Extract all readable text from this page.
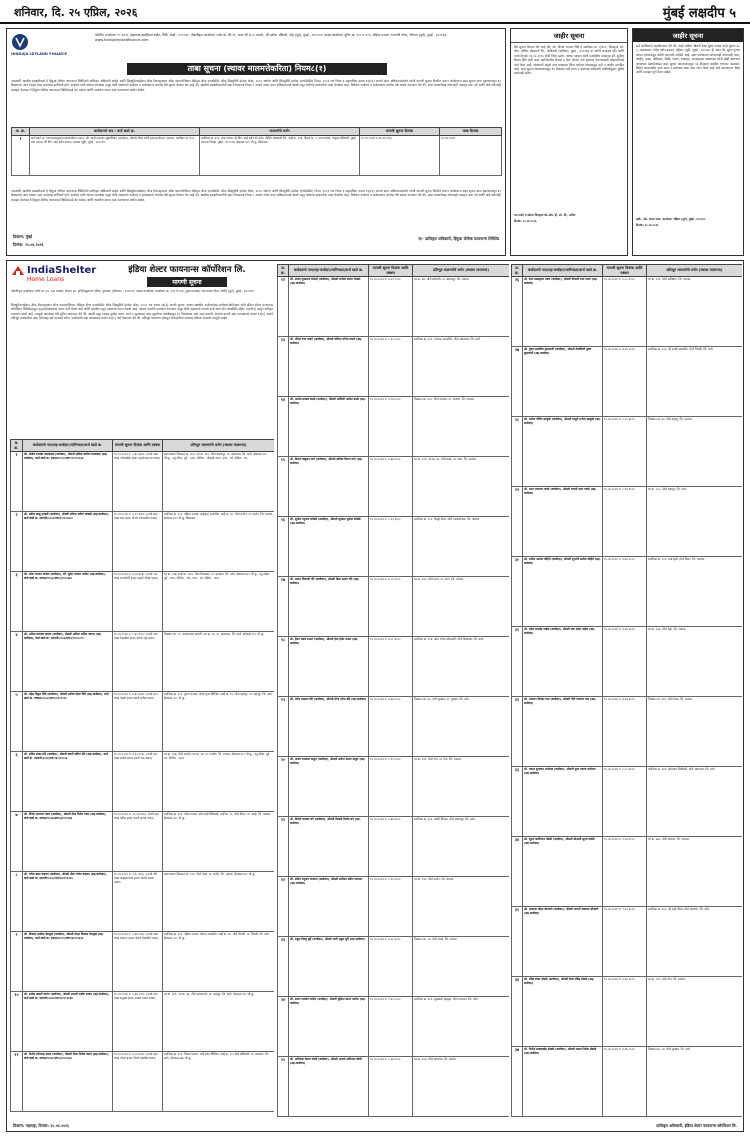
शनिवार, दि. २५ एप्रिल, २०२६	मुंबई लक्षदीप ५
HINDUJA LEYLAND FINANCE
कॉर्पोरेट कार्यालय: नं. २७-ए, डेव्हलपड इंडस्ट्रियल इस्टेट, गिंडी, चेन्नई - ६०००३२. नोंदणीकृत कार्यालय: प्लॉट क्र. सी-२१, टावर सी (१-२ मजले), जी ब्लॉक, बीकेसी, वांद्रे (पूर्व), मुंबई - ४०००५१. शाखा कार्यालय: युनिट क्र. १०५ व १०६, पहिला मजला, रत्नमणी टॉवर, गोरेगाव (पूर्व), मुंबई - ४०००६३. www.hindujaleylandfinance.com
ताबा सूचना (स्थावर मालमत्तेकरिता) नियम८(१)
ज्याअर्थी, खालील स्वाक्षरीकर्ता हे हिंदुजा लेलॅण्ड फायनान्स लिमिटेडचे प्राधिकृत अधिकारी आहेत आणि सिक्युरिटायझेशन ॲण्ड रिकन्स्ट्रक्शन ऑफ फायनान्शियल ॲसेट्स ॲण्ड एनफोर्समेंट ऑफ सिक्युरिटी इंटरेस्ट ॲक्ट, २००२ अंतर्गत आणि सिक्युरिटी इंटरेस्ट (एन्फोर्समेंट) नियम, २००२ च्या नियम ३ सहवाचिता कलम १३(१२) अन्वये प्राप्त अधिकाराअंतर्गत त्यांनी मागणी सूचना वितरीत करून कर्जदारांना सदर सूचना प्राप्त झाल्यापासून ६० दिवसांच्या आत रक्कम जमा करण्यास सांगितले होते. कर्जदार यांनी रक्कम भरण्यास कसूर केली असल्याने कर्जदार व सर्वसामान्य जनतेस येथे सूचना देण्यात येत आहे की, खालील स्वाक्षरीकर्त्यांनी सदर नियमाच्या नियम ८ अन्वये त्यांना प्राप्त अधिकारान्वये खाली नमूद केलेल्या मालमत्तेचा ताबा घेतलेला आहे. विशेषतः कर्जदार व सर्वसामान्य जनतेस येथे सावध करण्यात येते की, सदर मालमत्तेसह कोणताही व्यवहार करू नये आणि असे कोणतेही व्यवहार केल्यास ते हिंदुजा लेलॅण्ड फायनान्स लिमिटेडकडे देय रक्कम आणि त्यावरील व्याज जमा करण्याच्या अधीन असेल.
अ. क्र.	कर्जदाराचे नाव / कर्ज खाते क्र.	मालमत्तेचे वर्णन	मागणी सूचना दिनांक	ताबा दिनांक
१	कर्ज खाते क्र. एमएच/एमयुएम/एचएलएपी/०००४२६, श्री. शांती नारायण सुब्रमणियन (कर्जदार), श्रीमती शीला शांती (सह-कर्जदार), राहणार: सदनिका क्र. ४०२, ४था मजला, बी विंग, साई दर्शन इमारत, मालाड (पूर्व), मुंबई - ४०००९७.	सदनिका क्र. ४०२, ४था मजला, बी विंग, साई दर्शन को-ऑप. हौसिंग सोसायटी लि., सर्व्हे क्र. २१४, हिस्सा क्र. २, गाव मालाड, तालुका बोरिवली, मुंबई उपनगर जिल्हा, मुंबई - ४०००९७, क्षेत्रफळ ४८० चौ.फू. बिल्टअप.	१५.०१.२०२६ रु.२१,४५,८९६/-	२१.०४.२०२६
ज्याअर्थी, खालील स्वाक्षरीकर्ता हे हिंदुजा लेलॅण्ड फायनान्स लिमिटेडचे प्राधिकृत अधिकारी आहेत आणि सिक्युरिटायझेशन ॲण्ड रिकन्स्ट्रक्शन ऑफ फायनान्शियल ॲसेट्स ॲण्ड एनफोर्समेंट ऑफ सिक्युरिटी इंटरेस्ट ॲक्ट, २००२ अंतर्गत आणि सिक्युरिटी इंटरेस्ट (एन्फोर्समेंट) नियम, २००२ च्या नियम ३ सहवाचिता कलम १३(१२) अन्वये प्राप्त अधिकाराअंतर्गत त्यांनी मागणी सूचना वितरीत करून कर्जदारांना सदर सूचना प्राप्त झाल्यापासून ६० दिवसांच्या आत रक्कम जमा करण्यास सांगितले होते. कर्जदार यांनी रक्कम भरण्यास कसूर केली असल्याने कर्जदार व सर्वसामान्य जनतेस येथे सूचना देण्यात येत आहे की, खालील स्वाक्षरीकर्त्यांनी सदर नियमाच्या नियम ८ अन्वये त्यांना प्राप्त अधिकारान्वये खाली नमूद केलेल्या मालमत्तेचा ताबा घेतलेला आहे. विशेषतः कर्जदार व सर्वसामान्य जनतेस येथे सावध करण्यात येते की, सदर मालमत्तेसह कोणताही व्यवहार करू नये आणि असे कोणतेही व्यवहार केल्यास ते हिंदुजा लेलॅण्ड फायनान्स लिमिटेडकडे देय रक्कम आणि त्यावरील व्याज जमा करण्याच्या अधीन असेल.
ठिकाण: मुंबई
दिनांक: २५.०४.२०२६
स/- प्राधिकृत अधिकारी, हिंदुजा लेलॅण्ड फायनान्स लिमिटेड
जाहीर सूचना
येथे सूचना देण्यात येत आहे की, श्री. विजय गणपत शिंदे हे सदनिका क्र. ए/१०२, शिवकृपा को-ऑप. हौसिंग सोसायटी लि., कांदिवली (पश्चिम), मुंबई - ४०००६७ या जागेचे सभासद होते आणि त्यांचे दिनांक १२.०२.२०२५ रोजी निधन झाले. त्यांच्या पश्चात त्यांचे कायदेशीर वारसदार सौ. सुनीता विजय शिंदे यांनी सदर सदनिकेतील शेअर्स व हित त्यांच्या नावे हस्तांतर करण्यासाठी सोसायटीकडे अर्ज केला आहे. सोसायटी याद्वारे इतर वारसदार किंवा दावेदार यांच्याकडून दावे व आक्षेप मागवित आहे. सदर सूचना प्रकाशनापासून १५ दिवसांत दावे प्राप्त न झाल्यास सोसायटी उपविधीनुसार पुढील कार्यवाही करेल.
च्या वतीने व करिता शिवकृपा को-ऑप. हौ. सो. लि., सचिव
दिनांक: २५.०४.२०२६
जाहीर सूचना
सर्व संबंधितांना कळविण्यात येते की, माझे अशिल श्रीमती रेखा सुरेश जाधव यांनी दुकान क्र. ५, तळमजला, गणेश दर्शन इमारत, दहिसर (पूर्व), मुंबई - ४०००६८ ही जागा श्री. सुरेश कृष्णा जाधव यांच्याकडून खरेदी करण्याचे ठरविले आहे. सदर जागेबाबत कोणाचाही कोणताही दावा, आक्षेप, हक्क, अधिकार, विक्री, गहाण, भाडेपट्टा, वारसाहक्क असल्यास त्यांनी लेखी स्वरूपात आवश्यक दस्तावेजांसह सदर सूचना प्रकाशनापासून १४ दिवसांत खालील पत्त्यावर कळवावे. विहित कालावधीत दावा प्राप्त न झाल्यास असा दावा त्याग केला आहे असे समजण्यात येईल आणि व्यवहार पूर्ण केला जाईल.
सही/- ॲड. संजय पवार, कार्यालय: दहिसर (पूर्व), मुंबई - ४०००६८
दिनांक: २५.०४.२०२६
IndiaShelter
Home Loans
इंडिया शेल्टर फायनान्स कॉर्पोरेशन लि.
मागणी सूचना
नोंदणीकृत कार्यालय: प्लॉट क्र. १५, ६वा मजला, सेक्टर ४४, इन्स्टिट्यूशनल एरिया, गुरुग्राम, हरियाणा - १२२००२. शाखा कार्यालय: कार्यालय क्र. २०१ ते २०४, दुसरा मजला, जय कमल सेंटर, अंधेरी (पूर्व), मुंबई - ४०००६९.
सिक्युरिटायझेशन ॲण्ड रिकन्स्ट्रक्शन ऑफ फायनान्शियल ॲसेट्स ॲण्ड एनफोर्समेंट ऑफ सिक्युरिटी इंटरेस्ट ॲक्ट, २००२ च्या कलम १३(२) अन्वये सूचना. आपण खालील कर्जदार/सह-कर्जदार/जामिनदार यांनी इंडिया शेल्टर फायनान्स कॉर्पोरेशन लिमिटेडकडून गृहकर्ज/मालमत्ता तारण कर्ज घेतले आहे आणि खालील नमूद मालमत्ता तारण ठेवली आहे. आपण कर्जाची परतफेड करण्यात कसूर केली असल्याने आपले कर्ज खाते नॉन-परफॉर्मिंग ॲसेट (एनपीए) म्हणून वर्गीकृत करण्यात आले आहे. त्यामुळे आपणास येथे सूचित करण्यात येते की, खाली नमूद रक्कम पुढील व्याज, खर्च व शुल्कांसह सदर सूचनेच्या तारखेपासून ६० दिवसांच्या आत जमा करावी, अन्यथा कंपनी सदर कायद्याच्या कलम १३(४) अन्वये प्रतिभूत मालमत्तेचा ताबा घेण्यासह सर्व कारवाई करेल. कर्जदारांचे लक्ष कायद्याच्या कलम १३(८) कडे वेधण्यात येते की, प्रतिभूत मालमत्ता सोडवून घेण्याकरिता उपलब्ध वेळेच्या संदर्भात तरतुदी आहेत.
अ. क्र.	कर्जदाराचे नाव/सह-कर्जदार/जामिनदार/कर्ज खाते क्र.	मागणी सूचना दिनांक आणि रक्कम	प्रतिभूत मालमत्तेचे वर्णन (स्थावर मालमत्ता)
१	श्री. संतोष रामचंद्र गायकवाड (कर्जदार), श्रीमती सविता संतोष गायकवाड (सह-कर्जदार), कर्ज खाते क्र. एचएल/००५१/एच/१९/१००२३४	१५.०४.२०२६ रु. ८,४५,६७२/- (रुपये आठ लाख पंचेचाळीस हजार सहाशे बहात्तर फक्त)	ग्रामपंचायत मिळकत क्र. ४५२, गट क्र. ११२, मौजे बदलापूर, ता. अंबरनाथ, जि. ठाणे, क्षेत्रफळ ६०० चौ.फू., चतु:सीमा: पूर्व - रस्ता, पश्चिम - मोकळी जागा, उत्तर - घर, दक्षिण - घर.
२	श्री. प्रवीण बाळू कांबळे (कर्जदार), श्रीमती प्रतिभा प्रवीण कांबळे (सह-कर्जदार), कर्ज खाते क्र. एलएपी/००५२/एच/२०/१००४५१	१५.०४.२०२६ रु. ६,१२,३४५/- (रुपये सहा लाख बारा हजार तीनशे पंचेचाळीस फक्त)	सदनिका क्र. १०३, पहिला मजला, साईकृपा अपार्टमेंट, सर्व्हे क्र. ७८, मौजे कर्जत, ता. कर्जत, जि. रायगड, क्षेत्रफळ ४५० चौ.फू. बिल्टअप.
३	श्री. रमेश गणपत पाटील (कर्जदार), श्री. सुरेश गणपत पाटील (सह-कर्जदार), कर्ज खाते क्र. एचएल/००५३/एच/२१/१००६७८	१५.०४.२०२६ रु. ९,८७,६५४/- (रुपये नऊ लाख सत्त्याऐंशी हजार सहाशे चोपन्न फक्त)	घर क्र. २३४, सर्व्हे क्र. ५६/२, मौजे टिटवाळा, ता. कल्याण, जि. ठाणे, क्षेत्रफळ ७२० चौ.फू., चतु:सीमा: पूर्व - रस्ता, पश्चिम - शेत, उत्तर - घर, दक्षिण - गटार.
४	श्री. अनिल दत्तात्रय जाधव (कर्जदार), श्रीमती अनिता अनिल जाधव (सह-कर्जदार), कर्ज खाते क्र. एलएपी/००५४/एच/२२/१००८९०	१५.०४.२०२६ रु. ५,४३,२१०/- (रुपये पाच लाख त्रेचाळीस हजार दोनशे दहा फक्त)	मिळकत क्र. ८९, ग्रामपंचायत वांगणी, गट क्र. २३, ता. अंबरनाथ, जि. ठाणे, क्षेत्रफळ ५५० चौ.फू.
५	श्री. महेश विठ्ठल शिंदे (कर्जदार), श्रीमती मनीषा महेश शिंदे (सह-कर्जदार), कर्ज खाते क्र. एचएल/००५५/एच/२२/१००९१२	१५.०४.२०२६ रु. ७,६५,४३२/- (रुपये सात लाख पासष्ट हजार चारशे बत्तीस फक्त)	सदनिका क्र. २०२, दुसरा मजला, गणेश कृपा बिल्डिंग, सर्व्हे क्र. ११, मौजे शहापूर, ता. शहापूर, जि. ठाणे, क्षेत्रफळ ५०० चौ.फू.
६	श्री. सचिन शंकर मोरे (कर्जदार), श्रीमती स्वाती सचिन मोरे (सह-कर्जदार), कर्ज खाते क्र. एलएपी/००५६/एच/२३/१०१०२३	१५.०४.२०२६ रु. ४,३२,१०९/- (रुपये चार लाख बत्तीस हजार एकशे नऊ फक्त)	घर क्र. ५६७, मौजे पनवेल, गट क्र. ३४, ता. पनवेल, जि. रायगड, क्षेत्रफळ ४८० चौ.फू., चतु:सीमा: पूर्व - घर, पश्चिम - रस्ता.
७	श्री. दिनेश नारायण पवार (कर्जदार), श्रीमती दीपा दिनेश पवार (सह-कर्जदार), कर्ज खाते क्र. एचएल/००५७/एच/२३/१०११३४	१५.०४.२०२६ रु. १०,२३,४५६/- (रुपये दहा लाख तेवीस हजार चारशे छप्पन्न फक्त)	सदनिका क्र. ४०४, चौथा मजला, ओम साई रेसिडेन्सी, सर्व्हे क्र. ९८, मौजे विरार, ता. वसई, जि. पालघर, क्षेत्रफळ ५६० चौ.फू.
८	श्री. गणेश बबन चव्हाण (कर्जदार), श्रीमती गीता गणेश चव्हाण (सह-कर्जदार), कर्ज खाते क्र. एलएपी/००५८/एच/२४/१०१२४५	१५.०४.२०२६ रु. ३,९८,७६५/- (रुपये तीन लाख अठ्ठ्याण्णव हजार सातशे पासष्ट फक्त)	ग्रामपंचायत मिळकत क्र. १२३, मौजे नेरळ, ता. कर्जत, जि. रायगड, क्षेत्रफळ ४०० चौ.फू.
९	श्री. विकास अशोक देशमुख (कर्जदार), श्रीमती वंदना विकास देशमुख (सह-कर्जदार), कर्ज खाते क्र. एचएल/००५९/एच/२४/१०१३५६	१५.०४.२०२६ रु. ८,७६,५४३/- (रुपये आठ लाख शहात्तर हजार पाचशे त्रेचाळीस फक्त)	सदनिका क्र. १०१, पहिला मजला, श्रीराम अपार्टमेंट, सर्व्हे क्र. ४५, मौजे भिवंडी, ता. भिवंडी, जि. ठाणे, क्षेत्रफळ ५२० चौ.फू.
१०	श्री. राजेश मारुती सावंत (कर्जदार), श्रीमती रुपाली राजेश सावंत (सह-कर्जदार), कर्ज खाते क्र. एलएपी/००६०/एच/२४/१०१४६७	१५.०४.२०२६ रु. ५,६७,८९०/- (रुपये पाच लाख सदुसष्ट हजार आठशे नव्वद फक्त)	घर क्र. ७८९, गट क्र. ६७, मौजे आसनगाव, ता. शहापूर, जि. ठाणे, क्षेत्रफळ ६५० चौ.फू.
११	श्री. नितीन हरिभाऊ कदम (कर्जदार), श्रीमती निशा नितीन कदम (सह-कर्जदार), कर्ज खाते क्र. एचएल/००६१/एच/२५/१०१५७८	१५.०४.२०२६ रु. ६,५४,३२१/- (रुपये सहा लाख चोपन्न हजार तीनशे एकवीस फक्त)	सदनिका क्र. ३०२, तिसरा मजला, साई दर्शन बिल्डिंग, सर्व्हे क्र. २२, मौजे डोंबिवली, ता. कल्याण, जि. ठाणे, क्षेत्रफळ ४७५ चौ.फू.
अ. क्र.	कर्जदाराचे नाव/सह-कर्जदार/जामिनदार/कर्ज खाते क्र.	मागणी सूचना दिनांक आणि रक्कम	प्रतिभूत मालमत्तेचे वर्णन (स्थावर मालमत्ता)
१२	श्री. संजय तुकाराम भोसले (कर्जदार), श्रीमती संगीता संजय भोसले (सह-कर्जदार)	१५.०४.२०२६ रु. ७,२१,०००/-	घर क्र. ४४, मौजे खोपोली, ता. खालापूर, जि. रायगड.
१३	श्री. योगेश दत्ता घाडगे (कर्जदार), श्रीमती योगिता योगेश घाडगे (सह-कर्जदार)	१५.०४.२०२६ रु. ५,१२,८००/-	सदनिका क्र. २०१, गणराज अपार्टमेंट, मौजे अंबरनाथ, जि. ठाणे.
१४	श्री. अमोल प्रकाश काळे (कर्जदार), श्रीमती अश्विनी अमोल काळे (सह-कर्जदार)	१५.०४.२०२६ रु. ९,०४,५००/-	मिळकत क्र. ३१२, मौजे पालघर, ता. पालघर, जि. पालघर.
१५	श्री. किरण बाबुराव माने (कर्जदार), श्रीमती कविता किरण माने (सह-कर्जदार)	१५.०४.२०२६ रु. ४,६७,२००/-	घर क्र. १०९, गट क्र. ७८, मौजे वाडा, ता. वाडा, जि. पालघर.
१६	श्री. सुनील रघुनाथ लोखंडे (कर्जदार), श्रीमती सुजाता सुनील लोखंडे (सह-कर्जदार)	१५.०४.२०२६ रु. ८,३३,६००/-	सदनिका क्र. ५०२, सिद्धी टॉवर, मौजे नालासोपारा, जि. पालघर.
१७	श्री. प्रशांत शिवाजी गोरे (कर्जदार), श्रीमती प्रिया प्रशांत गोरे (सह-कर्जदार)	१५.०४.२०२६ रु. ६,०१,९००/-	घर क्र. २७८, मौजे उरण, ता. उरण, जि. रायगड.
१८	श्री. हेमंत वसंत राऊत (कर्जदार), श्रीमती हेमा हेमंत राऊत (सह-कर्जदार)	१५.०४.२०२६ रु. ७,८८,४००/-	सदनिका क्र. १०४, ओम गणेश सोसायटी, मौजे टिटवाळा, जि. ठाणे.
१९	श्री. मंगेश लक्ष्मण खैरे (कर्जदार), श्रीमती मीना मंगेश खैरे (सह-कर्जदार)	१५.०४.२०२६ रु. ३,७६,५००/-	मिळकत क्र. ६५, मौजे मुरबाड, ता. मुरबाड, जि. ठाणे.
२०	श्री. अजय रामदास ठाकूर (कर्जदार), श्रीमती अर्चना अजय ठाकूर (सह-कर्जदार)	१५.०४.२०२६ रु. ५,९९,१००/-	घर क्र. ४११, मौजे पेण, ता. पेण, जि. रायगड.
२१	श्री. विनोद भास्कर बने (कर्जदार), श्रीमती वैशाली विनोद बने (सह-कर्जदार)	१५.०४.२०२६ रु. ६,४४,७००/-	सदनिका क्र. ३०३, लक्ष्मी निवास, मौजे बदलापूर, जि. ठाणे.
२२	श्री. संदीप मधुकर जगताप (कर्जदार), श्रीमती सारिका संदीप जगताप (सह-कर्जदार)	१५.०४.२०२६ रु. ८,१५,३००/-	घर क्र. १९२, मौजे कर्जत, जि. रायगड.
२३	श्री. राहुल विष्णू सुर्वे (कर्जदार), श्रीमती रश्मी राहुल सुर्वे (सह-कर्जदार)	१५.०४.२०२६ रु. ४,२८,६००/-	मिळकत क्र. ८४, मौजे वसई, जि. पालघर.
२४	श्री. सागर नामदेव पाटील (कर्जदार), श्रीमती सुप्रिया सागर पाटील (सह-कर्जदार)	१५.०४.२०२६ रु. ९,६२,८००/-	सदनिका क्र. ६०१, सुखकर्ता हाइट्स, मौजे कल्याण, जि. ठाणे.
२५	श्री. अविनाश केशव जोशी (कर्जदार), श्रीमती अपर्णा अविनाश जोशी (सह-कर्जदार)	१५.०४.२०२६ रु. ५,३७,९००/-	घर क्र. ३५६, मौजे माणगाव, जि. रायगड.
अ. क्र.	कर्जदाराचे नाव/सह-कर्जदार/जामिनदार/कर्ज खाते क्र.	मागणी सूचना दिनांक आणि रक्कम	प्रतिभूत मालमत्तेचे वर्णन (स्थावर मालमत्ता)
२६	श्री. दत्ता बाळकृष्ण पवार (कर्जदार), श्रीमती दीपाली दत्ता पवार (सह-कर्जदार)	१५.०४.२०२६ रु. ६,८८,२००/-	घर क्र. २११, मौजे अलिबाग, जि. रायगड.
२७	श्री. तुषार सदाशिव कुलकर्णी (कर्जदार), श्रीमती तेजस्विनी तुषार कुलकर्णी (सह-कर्जदार)	१५.०४.२०२६ रु. ७,४९,५००/-	सदनिका क्र. २०३, श्री समर्थ अपार्टमेंट, मौजे भिवंडी, जि. ठाणे.
२८	श्री. मनोज गोविंद साळुंखे (कर्जदार), श्रीमती माधुरी मनोज साळुंखे (सह-कर्जदार)	१५.०४.२०२६ रु. ५,०५,६००/-	मिळकत क्र. ७२, मौजे डहाणू, जि. पालघर.
२९	श्री. भरत नारायण गावडे (कर्जदार), श्रीमती भारती भरत गावडे (सह-कर्जदार)	१५.०४.२०२६ रु. ८,९३,१००/-	घर क्र. ५०५, मौजे शहापूर, जि. ठाणे.
३०	श्री. सतीश आनंदा मोहिते (कर्जदार), श्रीमती शुभांगी सतीश मोहिते (सह-कर्जदार)	१५.०४.२०२६ रु. ४,७१,८००/-	सदनिका क्र. १०२, साई सृष्टी, मौजे विरार, जि. पालघर.
३१	श्री. उमेश रामचंद्र नाईक (कर्जदार), श्रीमती उषा उमेश नाईक (सह-कर्जदार)	१५.०४.२०२६ रु. ६,२६,४००/-	घर क्र. ३३३, मौजे रोहा, जि. रायगड.
३२	श्री. गजानन दिगंबर वाघ (कर्जदार), श्रीमती गौरी गजानन वाघ (सह-कर्जदार)	१५.०४.२०२६ रु. ७,९७,३००/-	मिळकत क्र. ११९, मौजे नेरळ, जि. रायगड.
३३	श्री. पंकज सुधाकर भालेराव (कर्जदार), श्रीमती पूजा पंकज भालेराव (सह-कर्जदार)	१५.०४.२०२६ रु. ५,५८,७००/-	सदनिका क्र. ४०१, ओमकार रेसिडेन्सी, मौजे अंबरनाथ, जि. ठाणे.
३४	श्री. सूरज काशिनाथ कोळी (कर्जदार), श्रीमती सोनाली सूरज कोळी (सह-कर्जदार)	१५.०४.२०२६ रु. ३,८४,९००/-	घर क्र. ६७८, मौजे पालघर, जि. पालघर.
३५	श्री. आकाश मोहन सोनवणे (कर्जदार), श्रीमती आरती आकाश सोनवणे (सह-कर्जदार)	१५.०४.२०२६ रु. ९,१२,६००/-	सदनिका क्र. ७०२, श्री साई पॅलेस, मौजे कल्याण, जि. ठाणे.
३६	श्री. रविंद्र शंकर घोडके (कर्जदार), श्रीमती रेश्मा रविंद्र घोडके (सह-कर्जदार)	१५.०४.२०२६ रु. ६,७३,२००/-	घर क्र. २९०, मौजे पेण, जि. रायगड.
३७	श्री. निलेश बाबासाहेब शेळके (कर्जदार), श्रीमती नम्रता निलेश शेळके (सह-कर्जदार)	१५.०४.२०२६ रु. ४,९६,५००/-	मिळकत क्र. ५४, मौजे मुरबाड, जि. ठाणे.
ठिकाण: महाराष्ट्र, दिनांक: २५.०४.२०२६	प्राधिकृत अधिकारी, इंडिया शेल्टर फायनान्स कॉर्पोरेशन लि.
